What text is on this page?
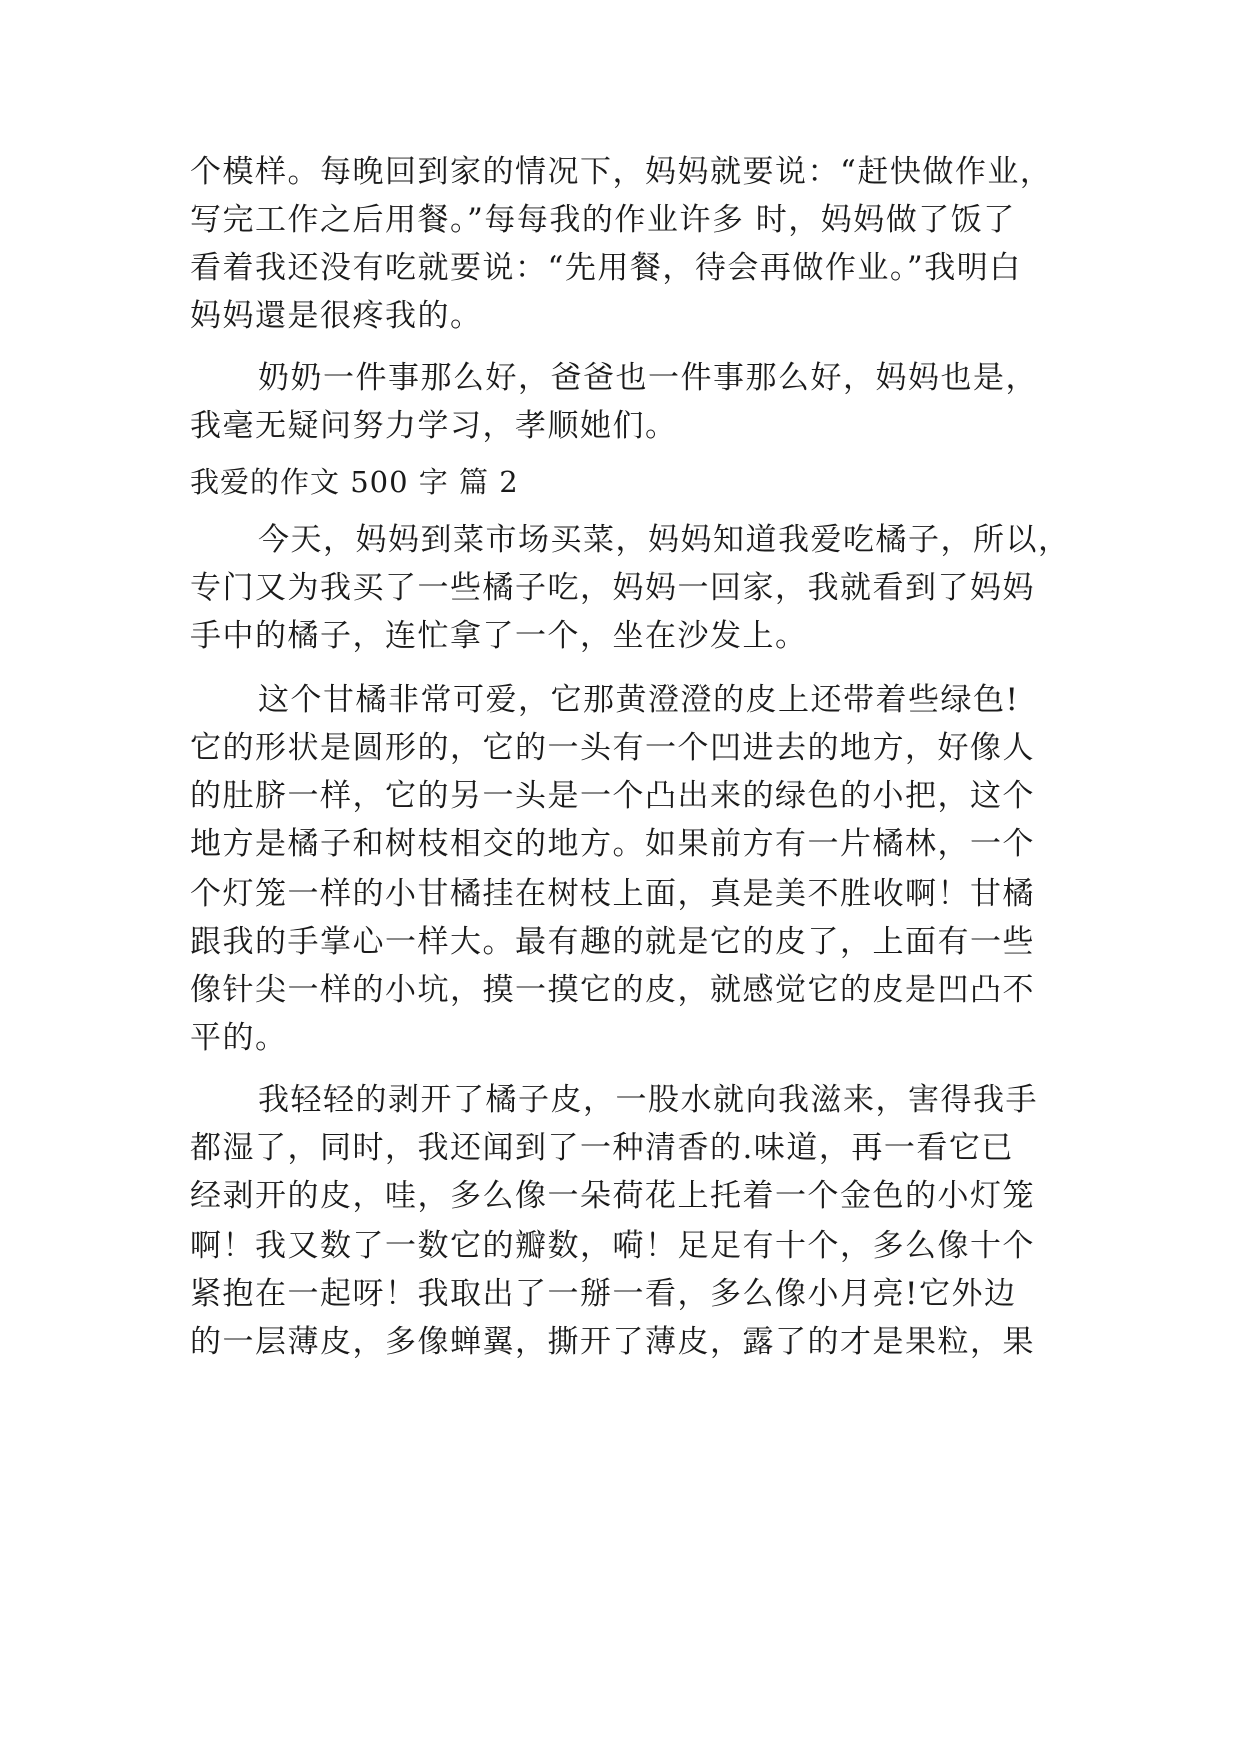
个模样。每晚回到家的情况下，妈妈就要说：“赶快做作业，
写完工作之后用餐。”每每我的作业许多 时，妈妈做了饭了
看着我还没有吃就要说：“先用餐，待会再做作业。”我明白
妈妈還是很疼我的。
奶奶一件事那么好，爸爸也一件事那么好，妈妈也是，
我毫无疑问努力学习，孝顺她们。
我爱的作文 500 字 篇 2
今天，妈妈到菜市场买菜，妈妈知道我爱吃橘子，所以，
专门又为我买了一些橘子吃，妈妈一回家，我就看到了妈妈
手中的橘子，连忙拿了一个，坐在沙发上。
这个甘橘非常可爱，它那黄澄澄的皮上还带着些绿色!
它的形状是圆形的，它的一头有一个凹进去的地方，好像人
的肚脐一样，它的另一头是一个凸出来的绿色的小把，这个
地方是橘子和树枝相交的地方。如果前方有一片橘林，一个
个灯笼一样的小甘橘挂在树枝上面，真是美不胜收啊！甘橘
跟我的手掌心一样大。最有趣的就是它的皮了，上面有一些
像针尖一样的小坑，摸一摸它的皮，就感觉它的皮是凹凸不
平的。
我轻轻的剥开了橘子皮，一股水就向我滋来，害得我手
都湿了，同时，我还闻到了一种清香的.味道，再一看它已
经剥开的皮，哇，多么像一朵荷花上托着一个金色的小灯笼
啊！我又数了一数它的瓣数，嗬！足足有十个，多么像十个
紧抱在一起呀！我取出了一掰一看，多么像小月亮!它外边
的一层薄皮，多像蝉翼，撕开了薄皮，露了的才是果粒，果
